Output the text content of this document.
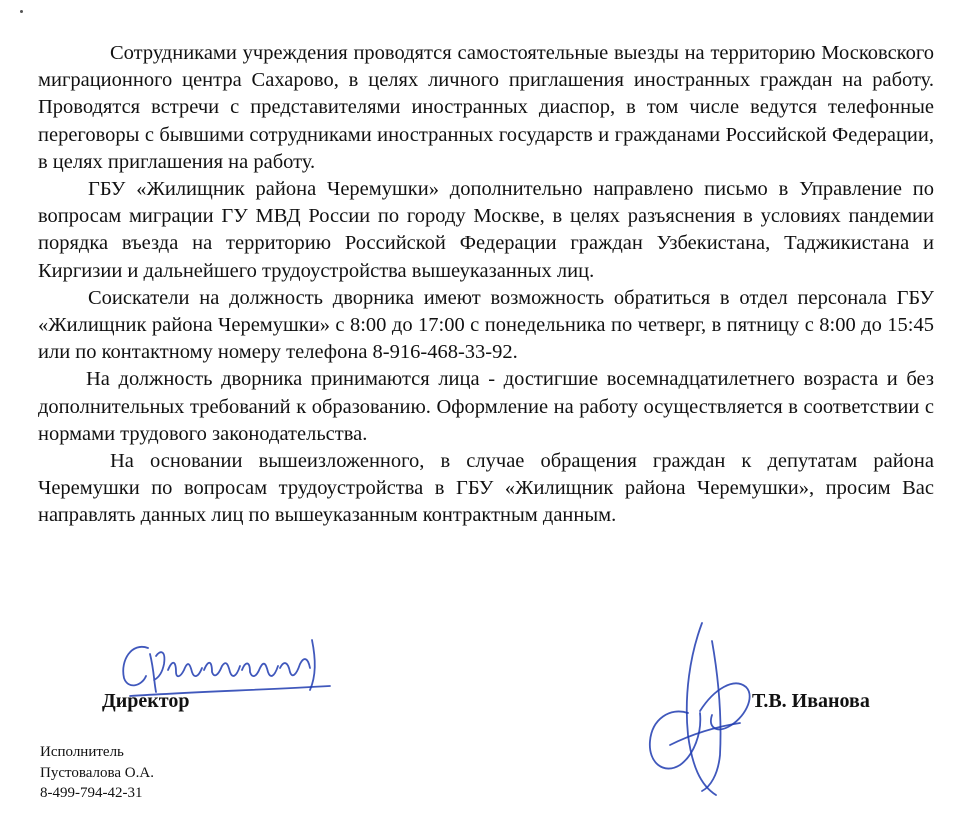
Сотрудниками учреждения проводятся самостоятельные выезды на территорию Московского миграционного центра Сахарово, в целях личного приглашения иностранных граждан на работу. Проводятся встречи с представителями иностранных диаспор, в том числе ведутся телефонные переговоры с бывшими сотрудниками иностранных государств и гражданами Российской Федерации, в целях приглашения на работу.

ГБУ «Жилищник района Черемушки» дополнительно направлено письмо в Управление по вопросам миграции ГУ МВД России по городу Москве, в целях разъяснения в условиях пандемии порядка въезда на территорию Российской Федерации граждан Узбекистана, Таджикистана и Киргизии и дальнейшего трудоустройства вышеуказанных лиц.

Соискатели на должность дворника имеют возможность обратиться в отдел персонала ГБУ «Жилищник района Черемушки» с 8:00 до 17:00 с понедельника по четверг, в пятницу с 8:00 до 15:45 или по контактному номеру телефона 8-916-468-33-92.

На должность дворника принимаются лица - достигшие восемнадцатилетнего возраста и без дополнительных требований к образованию. Оформление на работу осуществляется в соответствии с нормами трудового законодательства.

На основании вышеизложенного, в случае обращения граждан к депутатам района Черемушки по вопросам трудоустройства в ГБУ «Жилищник района Черемушки», просим Вас направлять данных лиц по вышеуказанным контрактным данным.

Директор	Т.В. Иванова
Исполнитель
Пустовалова О.А.
8-499-794-42-31
